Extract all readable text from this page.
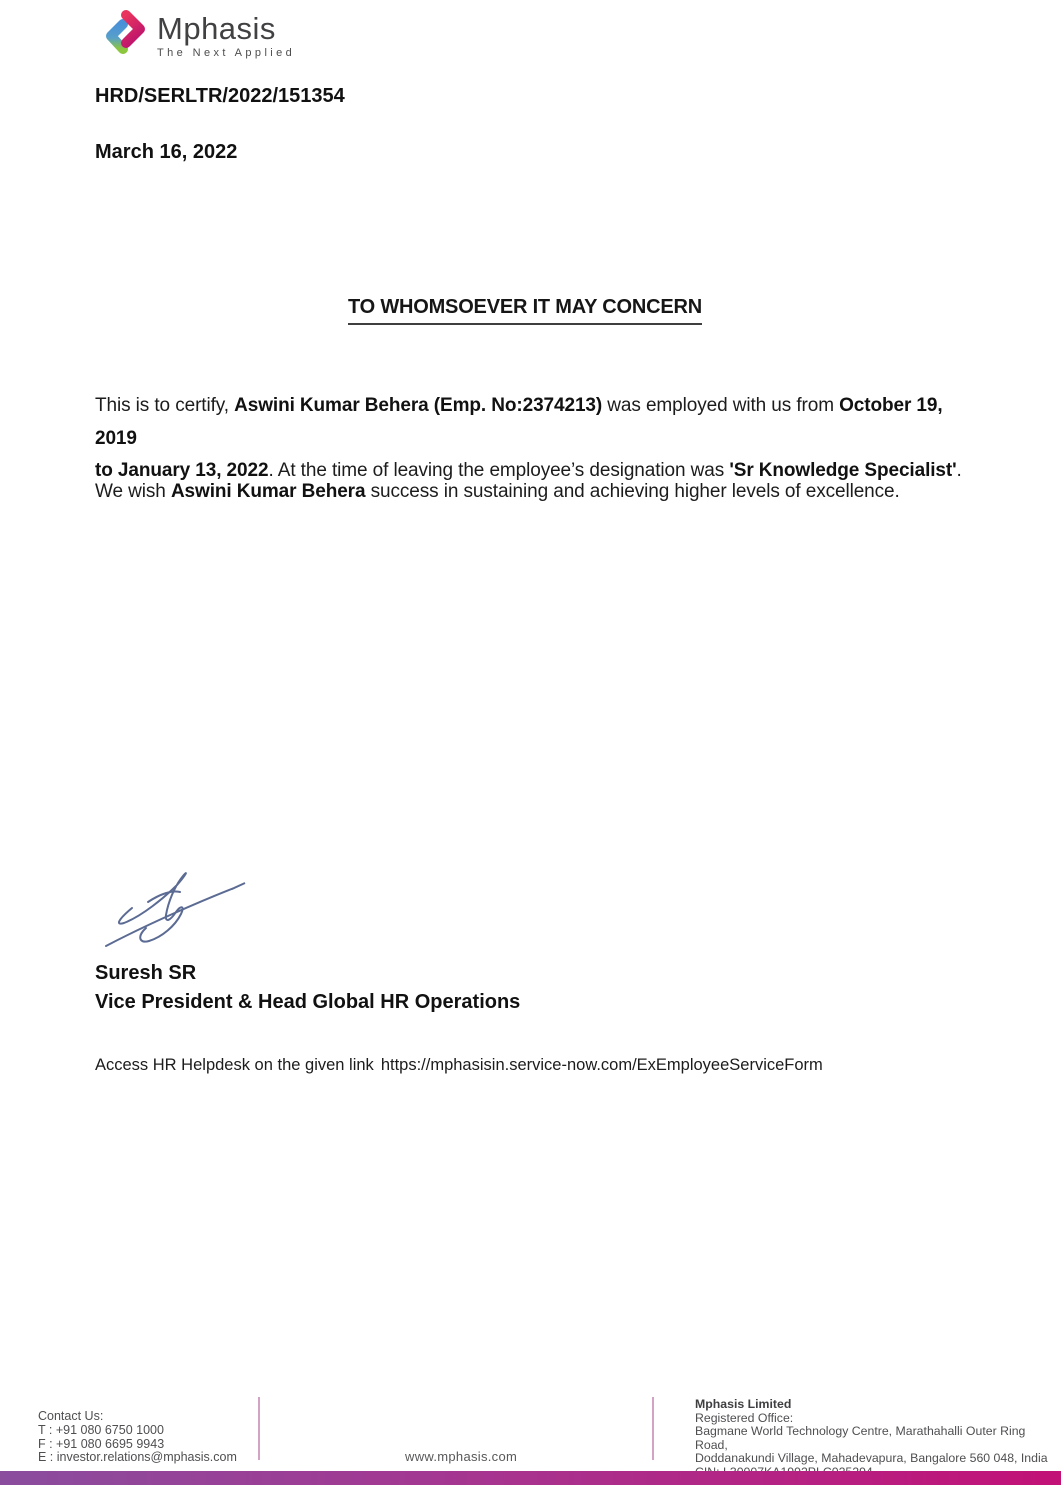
Mphasis
The Next Applied
HRD/SERLTR/2022/151354
March 16, 2022
TO WHOMSOEVER IT MAY CONCERN
This is to certify, Aswini Kumar Behera (Emp. No:2374213) was employed with us from October 19, 2019
to January 13, 2022. At the time of leaving the employee’s designation was 'Sr Knowledge Specialist'.
We wish Aswini Kumar Behera success in sustaining and achieving higher levels of excellence.
Suresh SR
Vice President & Head Global HR Operations
Access HR Helpdesk on the given link https://mphasisin.service-now.com/ExEmployeeServiceForm
Contact Us:
T : +91 080 6750 1000
F : +91 080 6695 9943
E : investor.relations@mphasis.com	www.mphasis.com
Mphasis Limited
Registered Office:
Bagmane World Technology Centre, Marathahalli Outer Ring Road,
Doddanakundi Village, Mahadevapura, Bangalore 560 048, India
